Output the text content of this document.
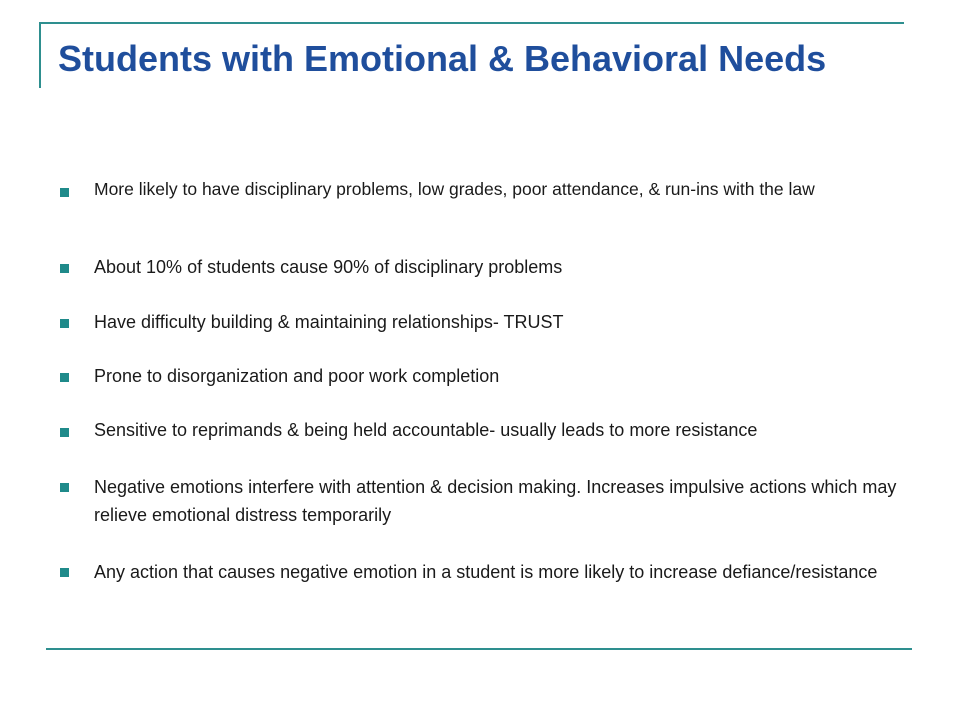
Students with Emotional & Behavioral Needs
More likely to have disciplinary problems, low grades, poor attendance, & run-ins with the law
About 10% of students cause 90% of disciplinary problems
Have difficulty building & maintaining relationships- TRUST
Prone to disorganization and poor work completion
Sensitive to reprimands & being held accountable- usually leads to more resistance
Negative emotions interfere with attention & decision making. Increases impulsive actions which may relieve emotional distress temporarily
Any action that causes negative emotion in a student is more likely to increase defiance/resistance
